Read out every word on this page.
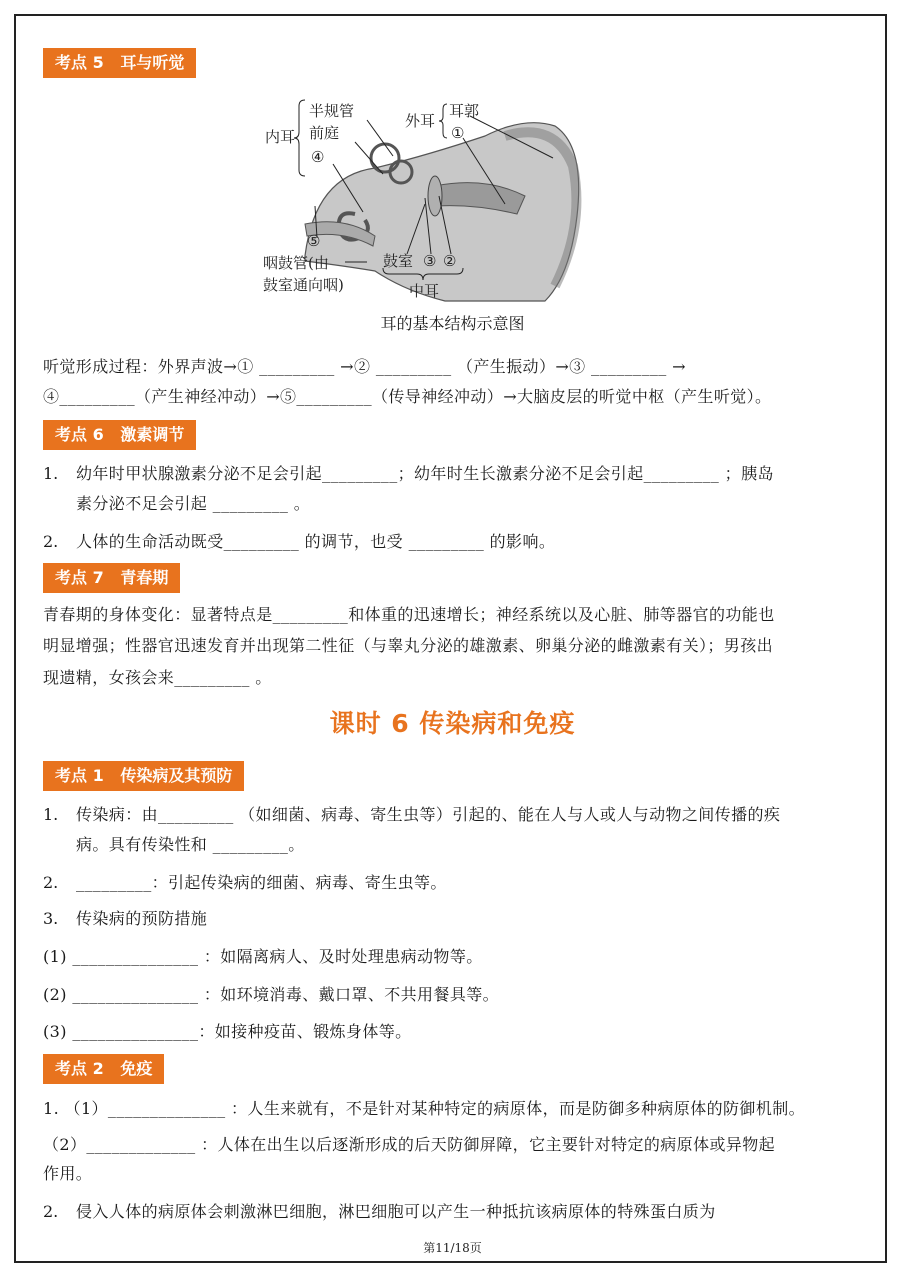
考点 5   耳与听觉
半规管
前庭
内耳
④
⑤
咽鼓管(由
鼓室通向咽)
外耳
耳郭
①
鼓室 ③ ②
中耳
耳的基本结构示意图
听觉形成过程：外界声波→① _________ →② _________ （产生振动）→③ _________ →
④_________（产生神经冲动）→⑤_________（传导神经冲动）→大脑皮层的听觉中枢（产生听觉）。
考点 6   激素调节
1. 幼年时甲状腺激素分泌不足会引起_________；幼年时生长激素分泌不足会引起_________ ；胰岛
素分泌不足会引起 _________ 。
2. 人体的生命活动既受_________ 的调节，也受 _________ 的影响。
考点 7   青春期
青春期的身体变化：显著特点是_________和体重的迅速增长；神经系统以及心脏、肺等器官的功能也
明显增强；性器官迅速发育并出现第二性征（与睾丸分泌的雄激素、卵巢分泌的雌激素有关）；男孩出
现遗精，女孩会来_________ 。
课时 6 传染病和免疫
考点 1   传染病及其预防
1. 传染病：由_________ （如细菌、病毒、寄生虫等）引起的、能在人与人或人与动物之间传播的疾
病。具有传染性和 _________。
2. _________：引起传染病的细菌、病毒、寄生虫等。
3. 传染病的预防措施
(1) _______________ ：如隔离病人、及时处理患病动物等。
(2) _______________ ：如环境消毒、戴口罩、不共用餐具等。
(3) _______________：如接种疫苗、锻炼身体等。
考点 2   免疫
1. （1）______________ ：人生来就有，不是针对某种特定的病原体，而是防御多种病原体的防御机制。
（2）_____________ ：人体在出生以后逐渐形成的后天防御屏障，它主要针对特定的病原体或异物起
作用。
2. 侵入人体的病原体会刺激淋巴细胞，淋巴细胞可以产生一种抵抗该病原体的特殊蛋白质为
第11/18页
